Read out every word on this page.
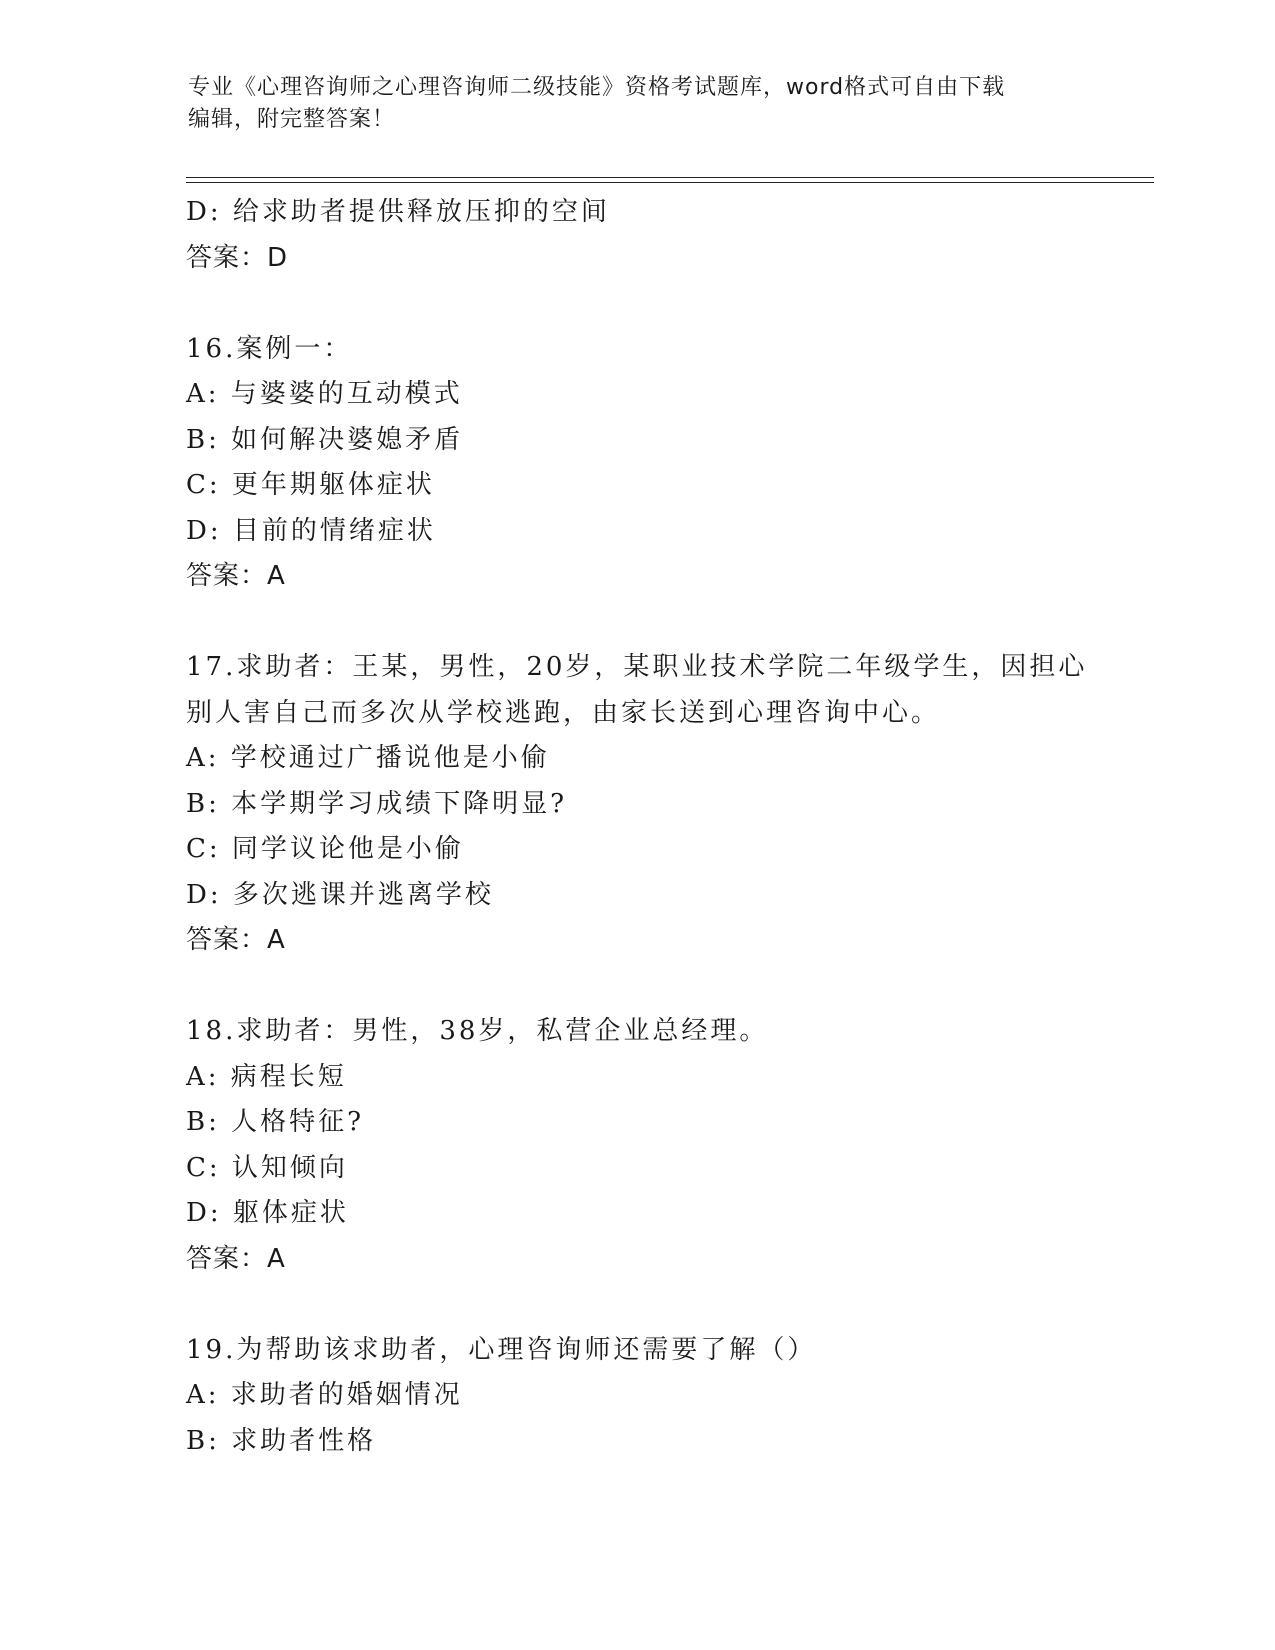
专业《心理咨询师之心理咨询师二级技能》资格考试题库，word格式可自由下载
编辑，附完整答案！
D: 给求助者提供释放压抑的空间
答案：D
16.案例一：
A: 与婆婆的互动模式
B: 如何解决婆媳矛盾
C: 更年期躯体症状
D: 目前的情绪症状
答案：A
17.求助者：王某，男性，20岁，某职业技术学院二年级学生，因担心
别人害自己而多次从学校逃跑，由家长送到心理咨询中心。
A: 学校通过广播说他是小偷
B: 本学期学习成绩下降明显?
C: 同学议论他是小偷
D: 多次逃课并逃离学校
答案：A
18.求助者：男性，38岁，私营企业总经理。
A: 病程长短
B: 人格特征?
C: 认知倾向
D: 躯体症状
答案：A
19.为帮助该求助者，心理咨询师还需要了解（）
A: 求助者的婚姻情况
B: 求助者性格
